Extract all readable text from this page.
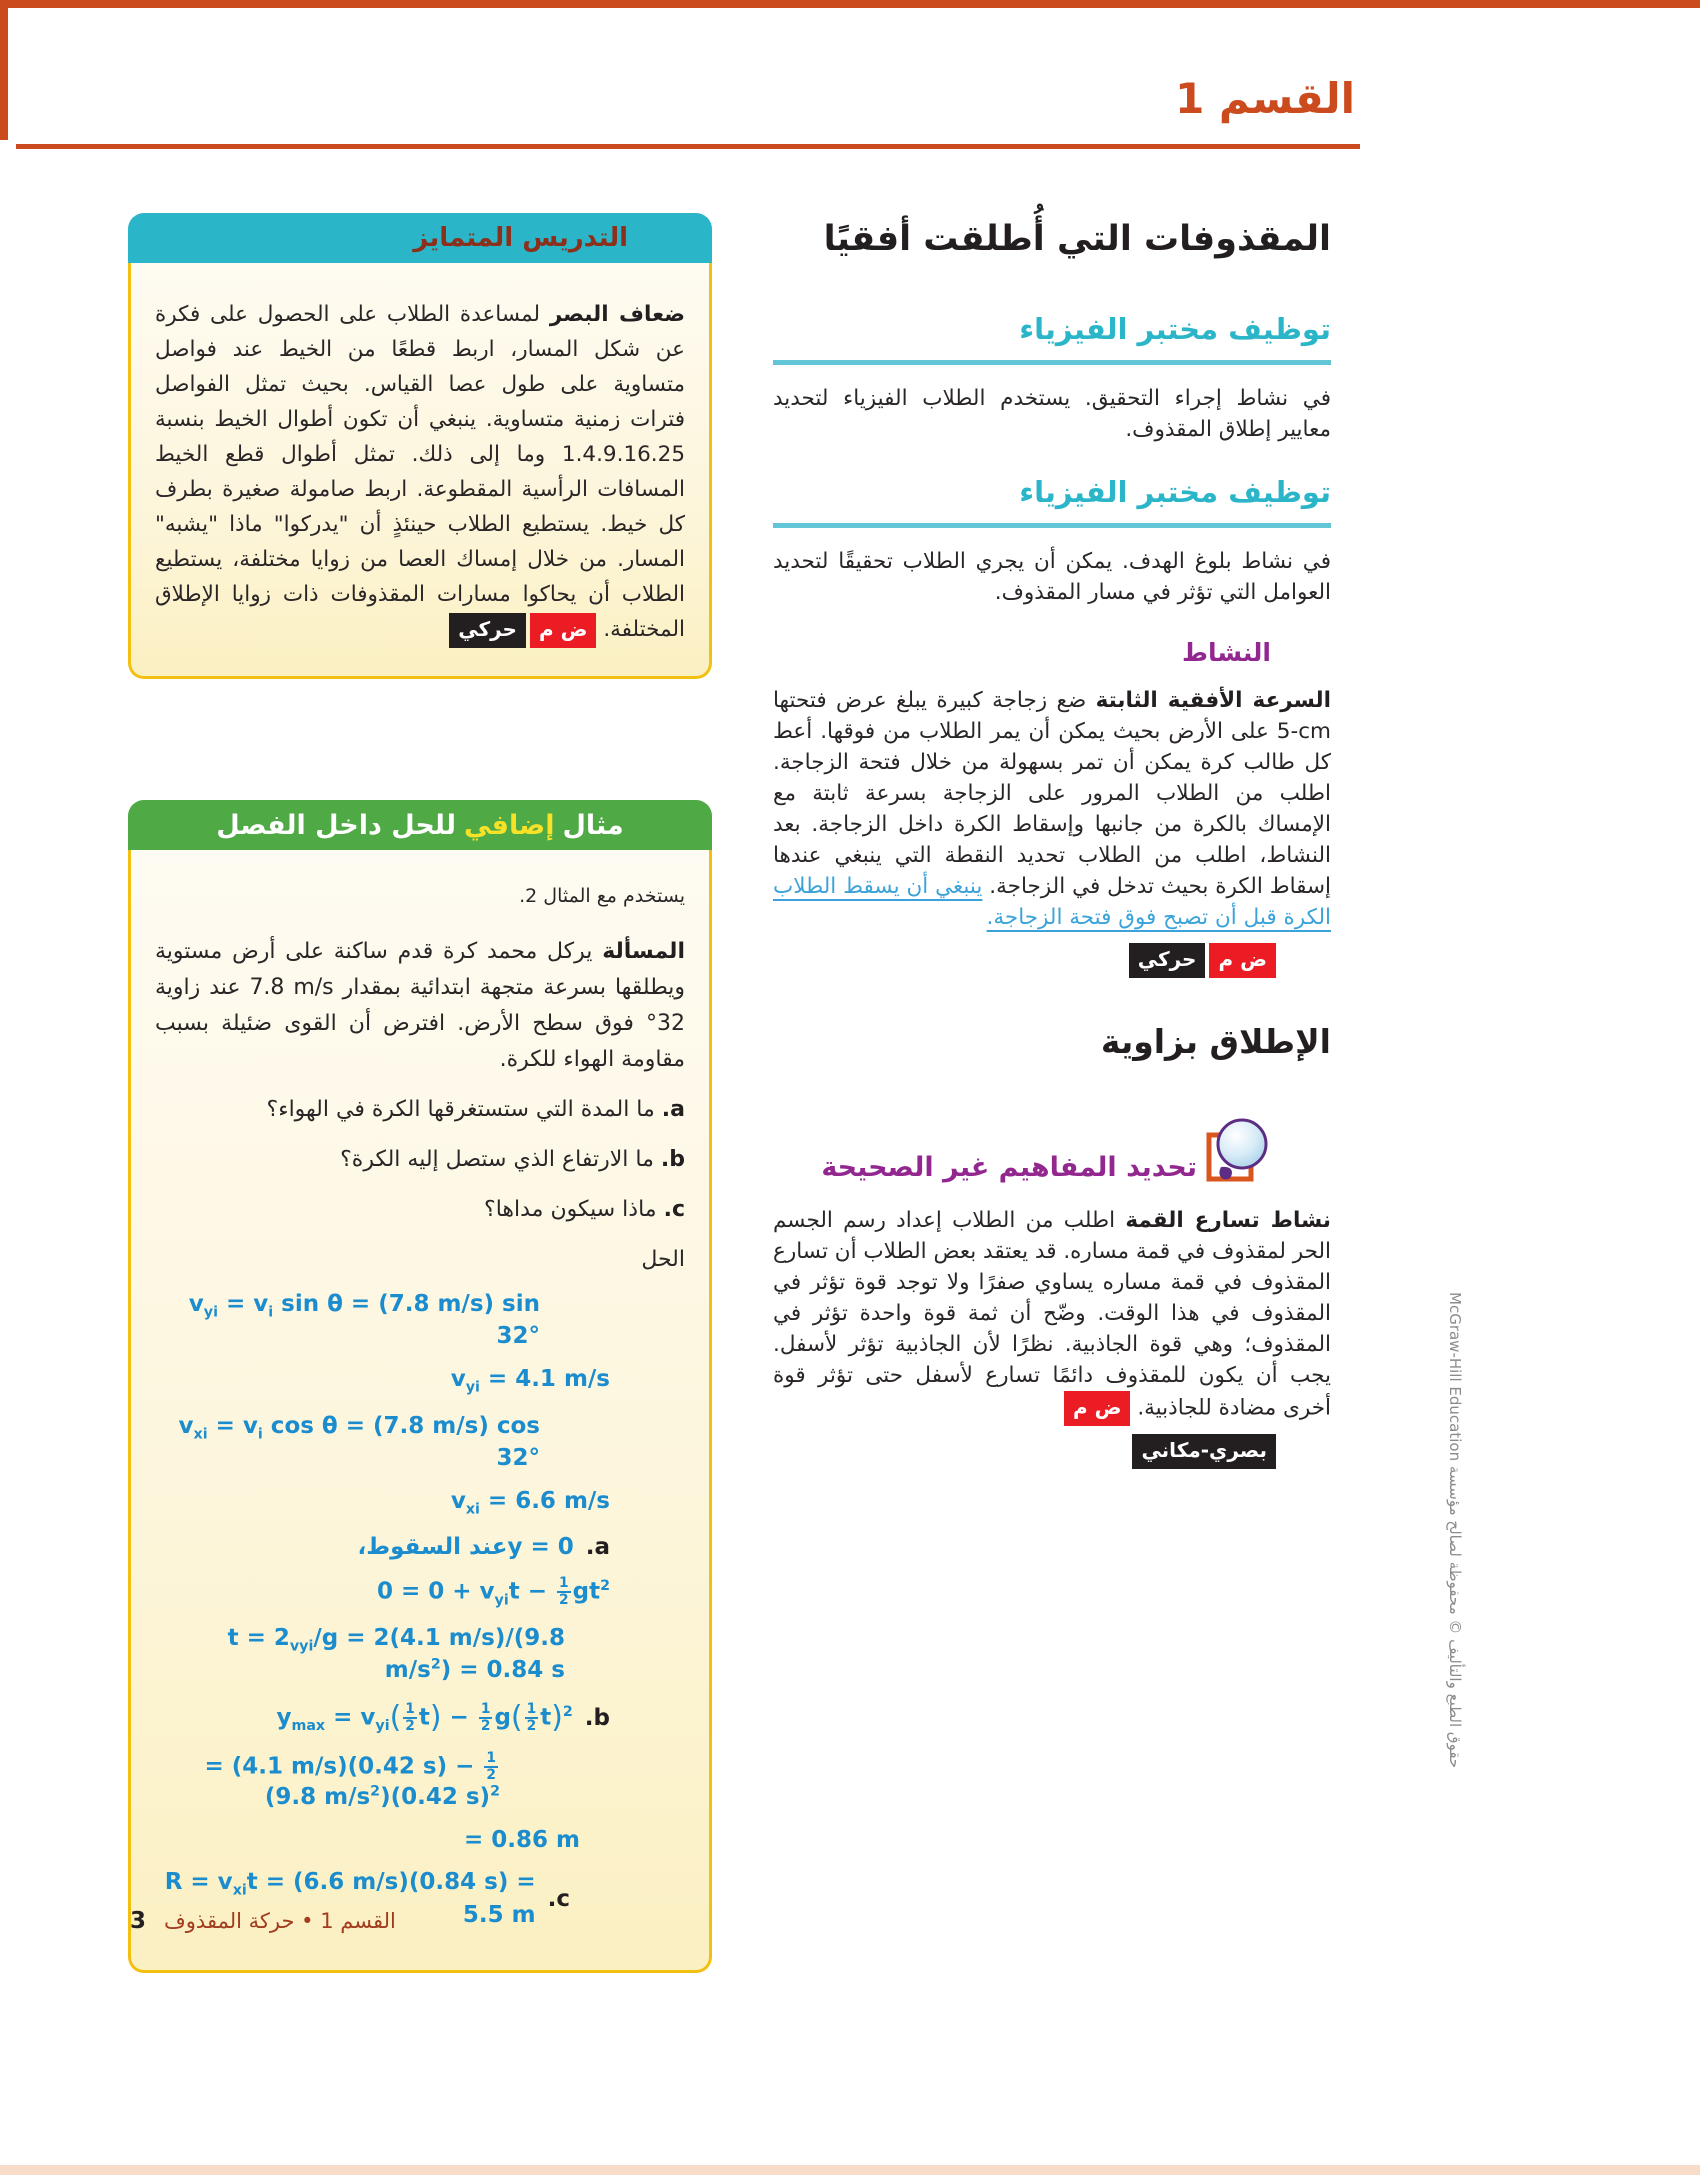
القسم 1
المقذوفات التي أُطلقت أفقيًا
توظيف مختبر الفيزياء

في نشاط إجراء التحقيق. يستخدم الطلاب الفيزياء لتحديد معايير إطلاق المقذوف.

توظيف مختبر الفيزياء

في نشاط بلوغ الهدف. يمكن أن يجري الطلاب تحقيقًا لتحديد العوامل التي تؤثر في مسار المقذوف.

النشاط

السرعة الأفقية الثابتة ضع زجاجة كبيرة يبلغ عرض فتحتها ‎5-cm‎ على الأرض بحيث يمكن أن يمر الطلاب من فوقها. أعط كل طالب كرة يمكن أن تمر بسهولة من خلال فتحة الزجاجة. اطلب من الطلاب المرور على الزجاجة بسرعة ثابتة مع الإمساك بالكرة من جانبها وإسقاط الكرة داخل الزجاجة. بعد النشاط، اطلب من الطلاب تحديد النقطة التي ينبغي عندها إسقاط الكرة بحيث تدخل في الزجاجة. ينبغي أن يسقط الطلاب الكرة قبل أن تصبح فوق فتحة الزجاجة.

ض محركي
الإطلاق بزاوية
تحديد المفاهيم غير الصحيحة

نشاط تسارع القمة اطلب من الطلاب إعداد رسم الجسم الحر لمقذوف في قمة مساره. قد يعتقد بعض الطلاب أن تسارع المقذوف في قمة مساره يساوي صفرًا ولا توجد قوة تؤثر في المقذوف في هذا الوقت. وضّح أن ثمة قوة واحدة تؤثر في المقذوف؛ وهي قوة الجاذبية. نظرًا لأن الجاذبية تؤثر لأسفل. يجب أن يكون للمقذوف دائمًا تسارع لأسفل حتى تؤثر قوة أخرى مضادة للجاذبية. ض م

بصري-مكاني
التدريس المتمايز

ضعاف البصر لمساعدة الطلاب على الحصول على فكرة عن شكل المسار، اربط قطعًا من الخيط عند فواصل متساوية على طول عصا القياس. بحيث تمثل الفواصل فترات زمنية متساوية. ينبغي أن تكون أطوال الخيط بنسبة ‎1.4.9.16.25‎ وما إلى ذلك. تمثل أطوال قطع الخيط المسافات الرأسية المقطوعة. اربط صامولة صغيرة بطرف كل خيط. يستطيع الطلاب حينئذٍ أن "يدركوا" ماذا "يشبه" المسار. من خلال إمساك العصا من زوايا مختلفة، يستطيع الطلاب أن يحاكوا مسارات المقذوفات ذات زوايا الإطلاق المختلفة. ض محركي

مثال
إضافي
للحل داخل الفصل

يستخدم مع المثال 2.

المسألة يركل محمد كرة قدم ساكنة على أرض مستوية ويطلقها بسرعة متجهة ابتدائية بمقدار ‎7.8 m/s‎ عند زاوية ‎°32‎ فوق سطح الأرض. افترض أن القوى ضئيلة بسبب مقاومة الهواء للكرة.

a. ما المدة التي ستستغرقها الكرة في الهواء؟

b. ما الارتفاع الذي ستصل إليه الكرة؟

c. ماذا سيكون مداها؟

الحل

$v_{yi} = v_i$ sin θ = (7.8 m/s) sin 32°
$v_{yi} = 4.1$ m/s
$v_{xi} = v_i$ cos θ = (7.8 m/s) cos 32°
$v_{xi} = 6.6$ m/s
عند السقوط، y = 0 .a
$0 = 0 + v_{yi}t - \frac{1}{2} gt^2$
$t = 2_{vyi}/g = 2(4.1$ m/s)/(9.8 $m/s^2) = 0.84$ s
$y_{max} = v_{yi}( \frac{1}{2} t) - \frac{1}{2} g( \frac{1}{2} t)^2$ .b
= (4.1 m/s)(0.42 $s) - \frac{1}{2}$
(9.8 $m/s^2)(0.42$ s)$^2$
= 0.86 m
$R = v_{xi}t = (6.6$ m/s)(0.84 s) = 5.5 m
.c
3 القسم 1 • حركة المقذوف
حقوق الطبع والتأليف © محفوظة لصالح مؤسسة McGraw-Hill Education
